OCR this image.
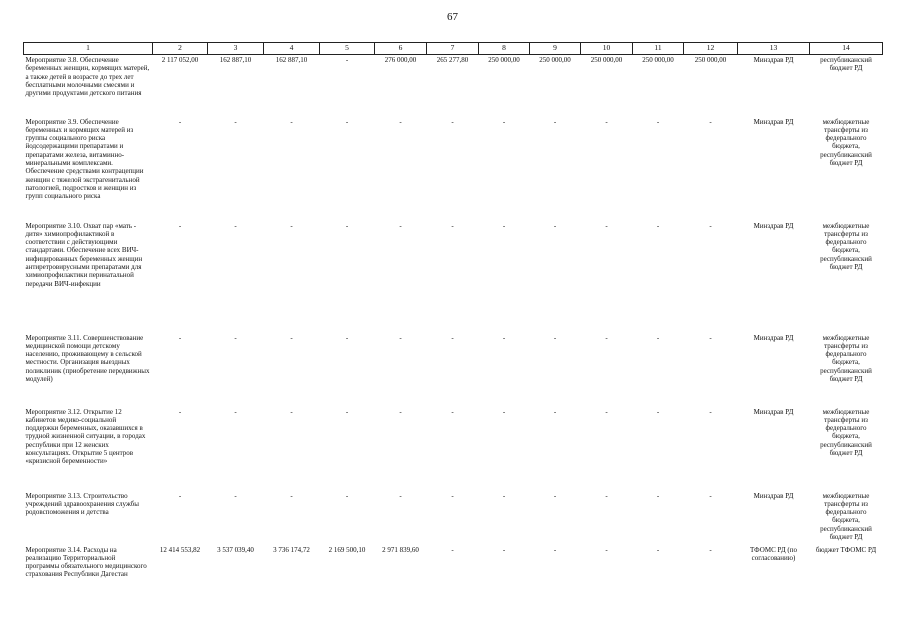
67
1	2	3	4	5	6	7	8	9	10	11	12	13	14
Мероприятие 3.8. Обеспечение беременных женщин, кормящих матерей, а также детей в возрасте до трех лет бесплатными молочными смесями и другими продуктами детского питания	2 117 052,00	162 887,10	162 887,10	-	276 000,00	265 277,80	250 000,00	250 000,00	250 000,00	250 000,00	250 000,00	Минздрав РД	республиканский бюджет РД
Мероприятие 3.9. Обеспечение беременных и кормящих матерей из группы социального риска йодсодержащими препаратами и препаратами железа, витаминно-минеральными комплексами. Обеспечение средствами контрацепции женщин с тяжелой экстрагенитальной патологией, подростков и женщин из групп социального риска	-	-	-	-	-	-	-	-	-	-	-	Минздрав РД	межбюджетные трансферты из федерального бюджета, республиканский бюджет РД
Мероприятие 3.10. Охват пар «мать - дитя» химиопрофилактикой в соответствии с действующими стандартами. Обеспечение всех ВИЧ-инфицированных беременных женщин антиретровирусными препаратами для химиопрофилактики перинатальной передачи ВИЧ-инфекции	-	-	-	-	-	-	-	-	-	-	-	Минздрав РД	межбюджетные трансферты из федерального бюджета, республиканский бюджет РД
Мероприятие 3.11. Совершенствование медицинской помощи детскому населению, проживающему в сельской местности. Организация выездных поликлиник (приобретение передвижных модулей)	-	-	-	-	-	-	-	-	-	-	-	Минздрав РД	межбюджетные трансферты из федерального бюджета, республиканский бюджет РД
Мероприятие 3.12. Открытие 12 кабинетов медико-социальной поддержки беременных, оказавшихся в трудной жизненной ситуации, в городах республики при 12 женских консультациях. Открытие 5 центров «кризисной беременности»	-	-	-	-	-	-	-	-	-	-	-	Минздрав РД	межбюджетные трансферты из федерального бюджета, республиканский бюджет РД
Мероприятие 3.13. Строительство учреждений здравоохранения службы родовспоможения и детства	-	-	-	-	-	-	-	-	-	-	-	Минздрав РД	межбюджетные трансферты из федерального бюджета, республиканский бюджет РД
Мероприятие 3.14. Расходы на реализацию Территориальной программы обязательного медицинского страхования Республики Дагестан	12 414 553,82	3 537 039,40	3 736 174,72	2 169 500,10	2 971 839,60	-	-	-	-	-	-	ТФОМС РД (по согласованию)	бюджет ТФОМС РД
